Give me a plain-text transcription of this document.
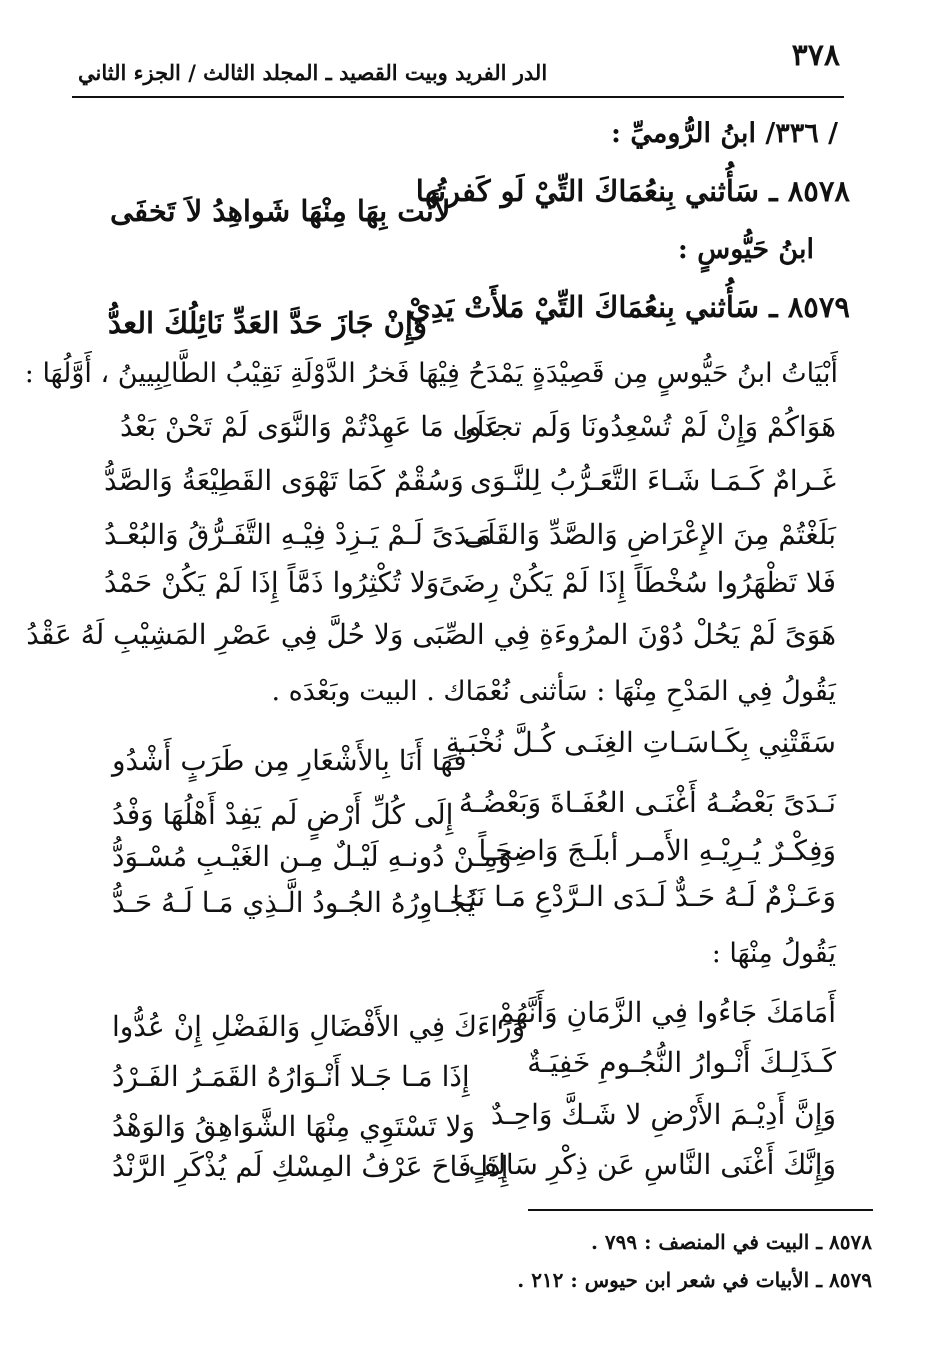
٣٧٨
الدر الفريد وبيت القصيد ـ المجلد الثالث / الجزء الثاني
/ ٣٣٦/ ابنُ الرُّوميِّ :
٨٥٧٨ ـ سَأُثني بِنعُمَاكَ التِّيْ لَو كَفرتُها
لأَنت بِهَا مِنْهَا شَواهِدُ لاَ تَخفَى
ابنُ حَيُّوسٍ :
٨٥٧٩ ـ سَأُثني بِنعُمَاكَ التِّيْ مَلأَتْ يَدِيْ
وَإِنْ جَازَ حَدَّ العَدِّ نَائِلُكَ العدُّ
أَبْيَاتُ ابنُ حَيُّوسٍ مِن قَصِيْدَةٍ يَمْدَحُ فِيْهَا فَخرُ الدَّوْلَةِ نَقِيْبُ الطَّالِبِيينُ ، أَوَّلُهَا :
هَوَاكُمْ وَإِنْ لَمْ تُسْعِدُونَا وَلَم تجدوا
عَلَى مَا عَهِدْتُمْ وَالنَّوَى لَمْ تَحْنْ بَعْدُ
غَـرامٌ كَـمَـا شَـاءَ التَّعَـرُّبُ لِلنَّـوَى
وَسُقْمٌ كَمَا تَهْوَى القَطِيْعَةُ وَالصَّدُّ
بَلَغْتُمْ مِنَ الإِعْرَاضِ وَالصَّدِّ وَالقَلَى
مَـدَىً لَـمْ يَـزِدْ فِيْـهِ التَّفَـرُّقُ وَالبُعْـدُ
فَلا تَظْهَرُوا سُخْطَاً إِذَا لَمْ يَكُنْ رِضَىً
وَلا تُكْثِرُوا ذَمَّاً إِذَا لَمْ يَكُنْ حَمْدُ
هَوَىً لَمْ يَحُلْ دُوْنَ المرُوءَةِ فِي الصِّبَى وَلا حُلَّ فِي عَصْرِ المَشِيْبِ لَهُ عَقْدُ
يَقُولُ فِي المَدْحِ مِنْهَا : سَأثنى نُعْمَاك . البيت وبَعْدَه .
سَقَتْنِي بِكَـاسَـاتِ الغِنَـى كُـلَّ نُخْبَـةٍ
فَهَا أَنَا بِالأَشْعَارِ مِن طَرَبٍ أَشْدُو
نَـدَىً بَعْضُـهُ أَغْنَـى العُفَـاةَ وَبَعْضُـهُ
إِلَى كُلِّ أَرْضٍ لَم يَفِدْ أَهْلُهَا وَفْدُ
وَفِكْـرٌ يُـرِيْـهِ الأَمـر أبلَـجَ وَاضِحَـاً
وَمِـنْ دُونـهِ لَيْـلٌ مِـن الغَيْـبِ مُسْـوَدُّ
وَعَـزْمٌ لَـهُ حَـدٌّ لَـدَى الـرَّدْعِ مَـا نَبَـا
يُجَـاوِرُهُ الجُـودُ الَّـذِي مَـا لَـهُ حَـدُّ
يَقُولُ مِنْهَا :
أَمَامَكَ جَاءُوا فِي الزَّمَانِ وَأَنَّهُمْ
وَرَاءَكَ فِي الأَفْضَالِ وَالفَضْلِ إِنْ عُدُّوا
كَـذَلِـكَ أَنْـوارُ النُّجُـومِ خَفِيَـةٌ
إِذَا مَـا جَـلا أَنْـوَارُهُ القَمَـرُ الفَـرْدُ
وَإِنَّ أَدِيْـمَ الأَرْضِ لا شَـكَّ وَاحِـدٌ
وَلا تَسْتَوِي مِنْهَا الشَّوَاهِقُ وَالوَهْدُ
وَإِنَّكَ أَغْنَى النَّاسِ عَن ذِكْرِ سَالِفٍ
إِذَا فَاحَ عَرْفُ المِسْكِ لَم يُذْكَرِ الرَّنْدُ
٨٥٧٨ ـ البيت في المنصف : ٧٩٩ .
٨٥٧٩ ـ الأبيات في شعر ابن حيوس : ٢١٢ .
